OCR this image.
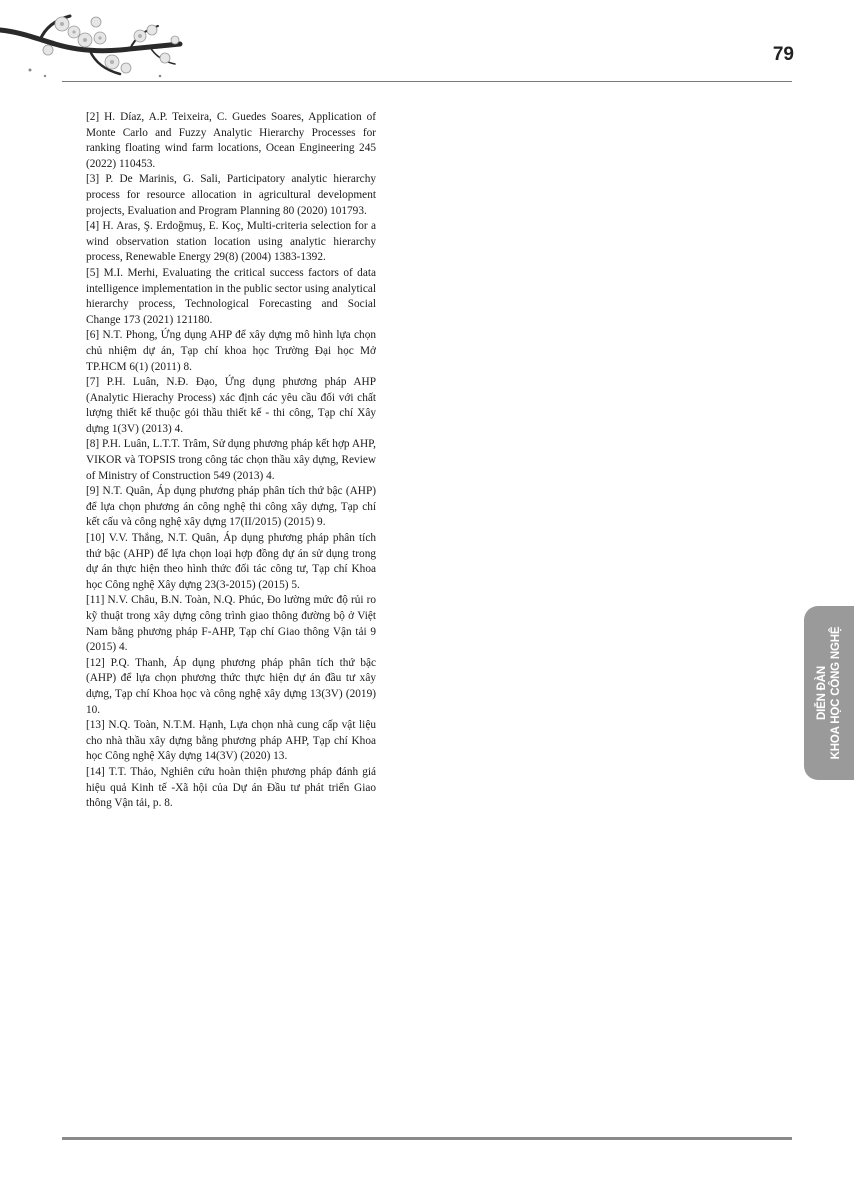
79

[2] H. Díaz, A.P. Teixeira, C. Guedes Soares, Application of Monte Carlo and Fuzzy Analytic Hierarchy Processes for ranking floating wind farm locations, Ocean Engineering 245 (2022) 110453.

[3] P. De Marinis, G. Sali, Participatory analytic hierarchy process for resource allocation in agricultural development projects, Evaluation and Program Planning 80 (2020) 101793.

[4] H. Aras, Ş. Erdoğmuş, E. Koç, Multi-criteria selection for a wind observation station location using analytic hierarchy process, Renewable Energy 29(8) (2004) 1383-1392.

[5] M.I. Merhi, Evaluating the critical success factors of data intelligence implementation in the public sector using analytical hierarchy process, Technological Forecasting and Social Change 173 (2021) 121180.

[6] N.T. Phong, Ứng dụng AHP để xây dựng mô hình lựa chọn chủ nhiệm dự án, Tạp chí khoa học Trường Đại học Mở TP.HCM 6(1) (2011) 8.

[7] P.H. Luân, N.Đ. Đạo, Ứng dụng phương pháp AHP (Analytic Hierachy Process) xác định các yêu cầu đối với chất lượng thiết kế thuộc gói thầu thiết kế - thi công, Tạp chí Xây dựng 1(3V) (2013) 4.

[8] P.H. Luân, L.T.T. Trâm, Sử dụng phương pháp kết hợp AHP, VIKOR và TOPSIS trong công tác chọn thầu xây dựng, Review of Ministry of Construction 549 (2013) 4.

[9] N.T. Quân, Áp dụng phương pháp phân tích thứ bậc (AHP) để lựa chọn phương án công nghệ thi công xây dựng, Tạp chí kết cấu và công nghệ xây dựng 17(II/2015) (2015) 9.

[10] V.V. Thắng, N.T. Quân, Áp dụng phương pháp phân tích thứ bậc (AHP) để lựa chọn loại hợp đồng dự án sử dụng trong dự án thực hiện theo hình thức đối tác công tư, Tạp chí Khoa học Công nghệ Xây dựng 23(3-2015) (2015) 5.

[11] N.V. Châu, B.N. Toàn, N.Q. Phúc, Đo lường mức độ rủi ro kỹ thuật trong xây dựng công trình giao thông đường bộ ở Việt Nam bằng phương pháp F-AHP, Tạp chí Giao thông Vận tải 9 (2015) 4.

[12] P.Q. Thanh, Áp dụng phương pháp phân tích thứ bậc (AHP) để lựa chọn phương thức thực hiện dự án đầu tư xây dựng, Tạp chí Khoa học và công nghệ xây dựng 13(3V) (2019) 10.

[13] N.Q. Toàn, N.T.M. Hạnh, Lựa chọn nhà cung cấp vật liệu cho nhà thầu xây dựng bằng phương pháp AHP, Tạp chí Khoa học Công nghệ Xây dựng 14(3V) (2020) 13.

[14] T.T. Thảo, Nghiên cứu hoàn thiện phương pháp đánh giá hiệu quả Kinh tế -Xã hội của Dự án Đầu tư phát triển Giao thông Vận tải, p. 8.

DIỄN ĐÀN KHOA HỌC CÔNG NGHỆ
